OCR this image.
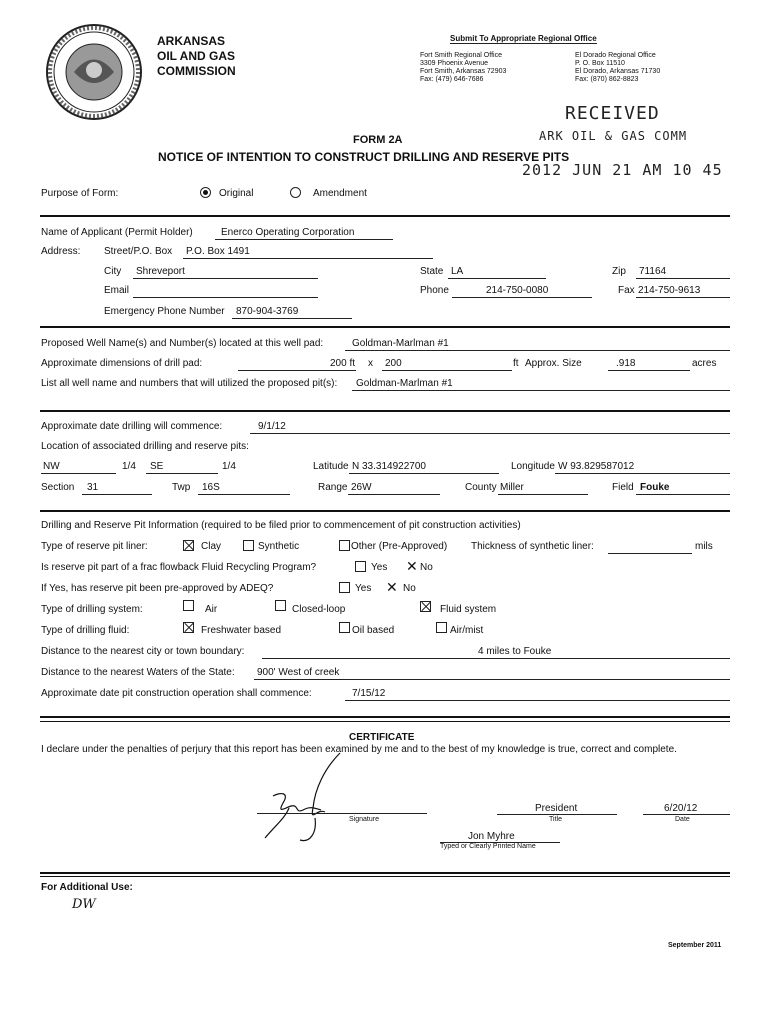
ARKANSAS
OIL AND GAS
COMMISSION
Submit To Appropriate Regional Office
Fort Smith Regional Office
3309 Phoenix Avenue
Fort Smith, Arkansas 72903
Fax: (479) 646-7686
El Dorado Regional Office
P. O. Box 11510
El Dorado, Arkansas 71730
Fax: (870) 862-8823
RECEIVED
ARK OIL & GAS COMM
2012 JUN 21 AM 10 45
FORM 2A
NOTICE OF INTENTION TO CONSTRUCT DRILLING AND RESERVE PITS
Purpose of Form:	Original	Amendment
Name of Applicant (Permit Holder)	Enerco Operating Corporation
Address: Street/P.O. Box P.O. Box 1491
City Shreveport	State LA	Zip 71164
Email	Phone	214-750-0080	Fax 214-750-9613
Emergency Phone Number 870-904-3769
Proposed Well Name(s) and Number(s) located at this well pad:	Goldman-Marlman #1
Approximate dimensions of drill pad:	200 ft x 200	ft Approx. Size	.918	acres
List all well name and numbers that will utilized the proposed pit(s): Goldman-Marlman #1
Approximate date drilling will commence:	9/1/12
Location of associated drilling and reserve pits:
NW	1/4 SE	1/4	Latitude N 33.314922700	Longitude W 93.829587012
Section 31	Twp 16S	Range 26W	County Miller	Field Fouke
Drilling and Reserve Pit Information (required to be filed prior to commencement of pit construction activities)
Type of reserve pit liner:	Clay	Synthetic	Other (Pre-Approved) Thickness of synthetic liner:	mils
Is reserve pit part of a frac flowback Fluid Recycling Program?	Yes ✕ No
If Yes, has reserve pit been pre-approved by ADEQ?	Yes ✕ No
Type of drilling system:	Air	Closed-loop	Fluid system
Type of drilling fluid:	Freshwater based	Oil based	Air/mist
Distance to the nearest city or town boundary:	4 miles to Fouke
Distance to the nearest Waters of the State: 900' West of creek
Approximate date pit construction operation shall commence:	7/15/12
CERTIFICATE
I declare under the penalties of perjury that this report has been examined by me and to the best of my knowledge is true, correct and complete.
Signature
President
Title
6/20/12
Date
Jon Myhre
Typed or Clearly Printed Name
For Additional Use:
DW
September 2011
